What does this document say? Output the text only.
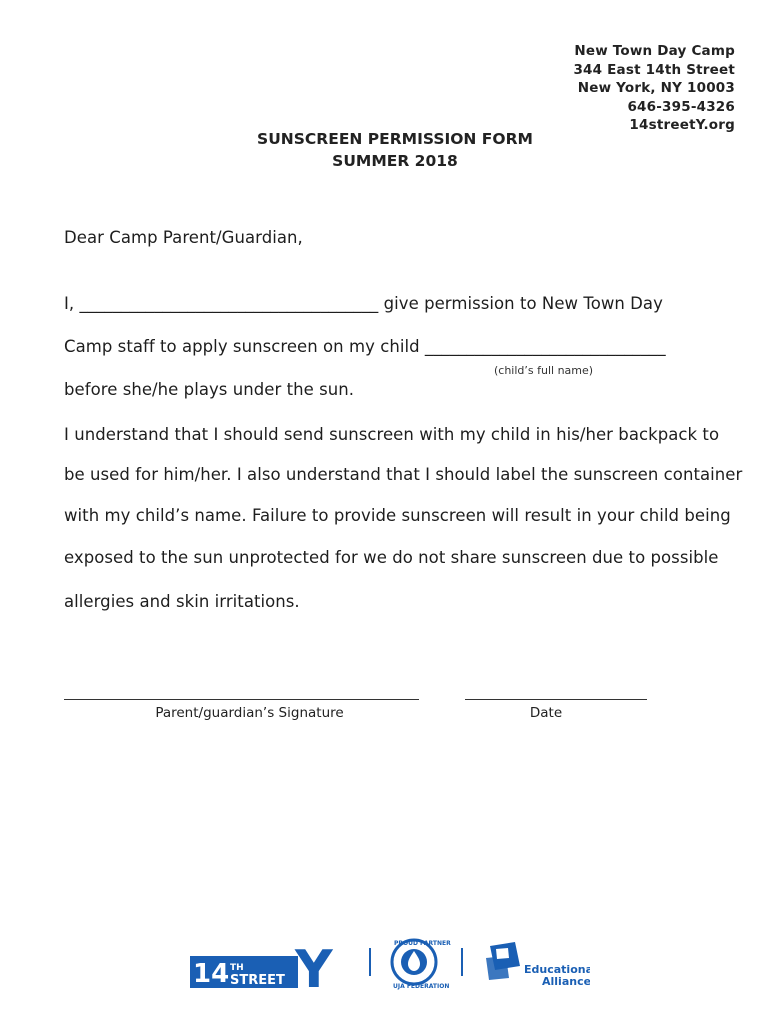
New Town Day Camp
344 East 14th Street
New York, NY 10003
646-395-4326
14streetY.org
SUNSCREEN PERMISSION FORM
SUMMER 2018
Dear Camp Parent/Guardian,
I, ____________________________________ give permission to New Town Day
Camp staff to apply sunscreen on my child _____________________________
(child’s full name)
before she/he plays under the sun.
I understand that I should send sunscreen with my child in his/her backpack to
be used for him/her. I also understand that I should label the sunscreen container
with my child’s name. Failure to provide sunscreen will result in your child being
exposed to the sun unprotected for we do not share sunscreen due to possible
allergies and skin irritations.
Parent/guardian’s Signature	Date
14 TH
STREET Y	PROUD PARTNER
UJA FEDERATION
Educational
Alliance
